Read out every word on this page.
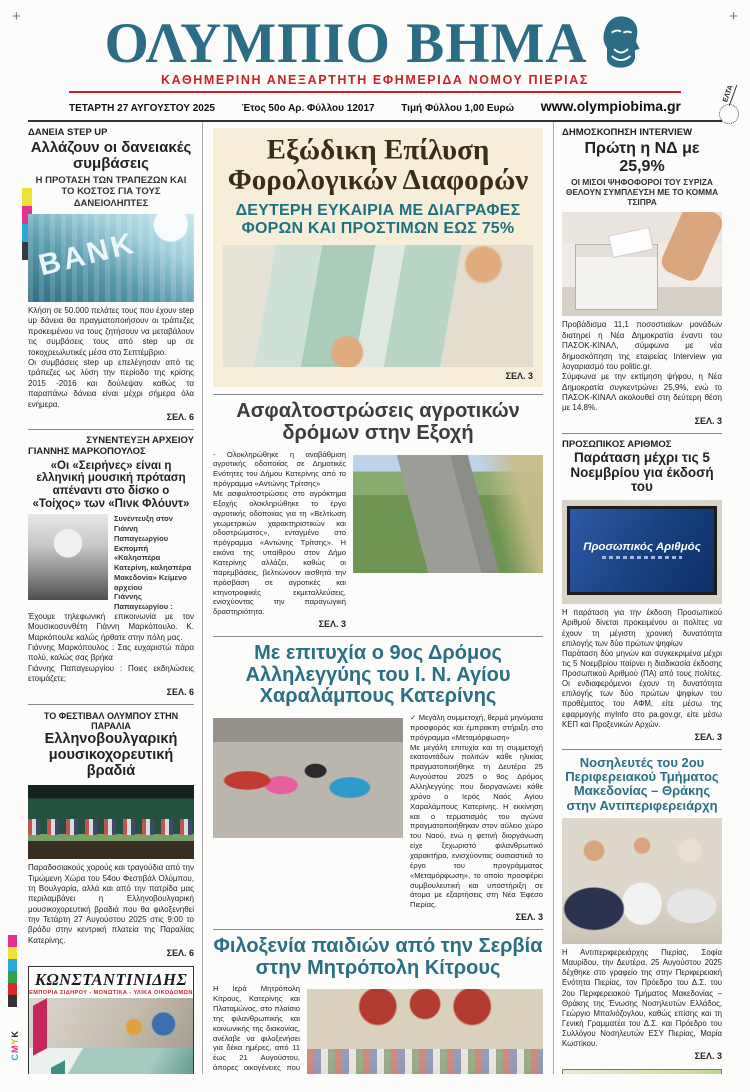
+	+
CMYK
ΟΛΥΜΠΙΟ ΒΗΜΑ
ΚΑΘΗΜΕΡΙΝΗ ΑΝΕΞΑΡΤΗΤΗ ΕΦΗΜΕΡΙΔΑ ΝΟΜΟΥ ΠΙΕΡΙΑΣ
ΤΕΤΑΡΤΗ 27 ΑΥΓΟΥΣΤΟΥ 2025	Έτος 50ο Αρ. Φύλλου 12017	Τιμή Φύλλου 1,00 Ευρώ www.olympiobima.gr
ΕΛΤΑ
ΔΑΝΕΙΑ STEP UP
Αλλάζουν οι δανειακές συμβάσεις
Η ΠΡΟΤΑΣΗ ΤΩΝ ΤΡΑΠΕΖΩΝ ΚΑΙ ΤΟ ΚΟΣΤΟΣ ΓΙΑ ΤΟΥΣ ΔΑΝΕΙΟΛΗΠΤΕΣ
BANK
Κλήση σε 50.000 πελάτες τους που έχουν step up δάνεια θα πραγματοποιήσουν οι τράπεζες προκειμένου να τους ζητήσουν να μεταβάλουν τις συμβάσεις τους από step up σε τοκοχρεωλυτικές μέσα στο Σεπτέμβριο.
Οι συμβάσεις step up επελέγησαν από τις τράπεζες ως λύση την περίοδο της κρίσης 2015 -2016 και δούλεψαν καθώς τα παραπάνω δάνεια είναι μέχρι σήμερα όλα ενήμερα.
ΣΕΛ. 6
ΣΥΝΕΝΤΕΥΞΗ ΑΡΧΕΙΟΥ
ΓΙΑΝΝΗΣ ΜΑΡΚΟΠΟΥΛΟΣ
«Οι «Σειρήνες» είναι η ελληνική μουσική πρόταση απέναντι στο δίσκο ο «Τοίχος» των «Πινκ Φλόυντ»
Συνέντευξη στον Γιάννη Παπαγεωργίου Εκπομπή «Καλησπέρα Κατερίνη, καλησπέρα Μακεδονία» Κείμενο αρχείου
Γιάννης Παπαγεωργίου :
Έχουμε τηλεφωνική επικοινωνία με τον Μουσικοσυνθέτη Γιάννη Μαρκόπουλο. Κ. Μαρκόπουλε καλώς ήρθατε στην πόλη μας.
Γιάννης Μαρκόπουλος : Σας ευχαριστώ πάρα πολύ, καλώς σας βρήκα
Γιάννης Παπαγεωργίου : Ποιες εκδηλώσεις ετοιμάζετε;
ΣΕΛ. 6
ΤΟ ΦΕΣΤΙΒΑΛ ΟΛΥΜΠΟΥ ΣΤΗΝ ΠΑΡΑΛΙΑ
Ελληνοβουλγαρική μουσικοχορευτική βραδιά
Παραδοσιακούς χορούς και τραγούδια από την Τιμώμενη Χώρα του 54ου Φεστιβάλ Ολύμπου, τη Βουλγαρία, αλλά και από την πατρίδα μας περιλαμβάνει η Ελληνοβουλγαρική μουσικοχορευτική βραδιά που θα φιλοξενηθεί την Τετάρτη 27 Αυγούστου 2025 στις 9:00 το βράδυ στην κεντρική πλατεία της Παραλίας Κατερίνης.
ΣΕΛ. 6
ΚΩΝΣΤΑΝΤΙΝΙΔΗΣ
ΕΜΠΟΡΙΑ ΣΙΔΗΡΟΥ - ΜΟΝΩΤΙΚΑ - ΥΛΙΚΑ ΟΙΚΟΔΟΜΩΝ
Εξώδικη Επίλυση Φορολογικών Διαφορών
ΔΕΥΤΕΡΗ ΕΥΚΑΙΡΙΑ ΜΕ ΔΙΑΓΡΑΦΕΣ ΦΟΡΩΝ ΚΑΙ ΠΡΟΣΤΙΜΩΝ ΕΩΣ 75%
ΣΕΛ. 3
Ασφαλτοστρώσεις αγροτικών δρόμων στην Εξοχή
- Ολοκληρώθηκε η αναβάθμιση αγροτικής οδοποιίας σε Δημοτικές Ενότητες του Δήμου Κατερίνης από το πρόγραμμα «Αντώνης Τρίτσης»
Με ασφαλτοστρώσεις στο αγρόκτημα Εξοχής ολοκληρώθηκε το έργο αγροτικής οδοποιίας για τη «Βελτίωση γεωμετρικών χαρακτηριστικών και οδοστρώματος», ενταγμένο στο πρόγραμμα «Αντώνης Τρίτσης». Η εικόνα της υπαίθρου στον Δήμο Κατερίνης αλλάζει, καθώς οι παρεμβάσεις, βελτιώνουν αισθητά την πρόσβαση σε αγροτικές και κτηνοτροφικές εκμεταλλεύσεις, ενισχύοντας την παραγωγική δραστηριότητα.
ΣΕΛ. 3
Με επιτυχία ο 9ος Δρόμος Αλληλεγγύης του Ι. Ν. Αγίου Χαραλάμπους Κατερίνης
✓ Μεγάλη συμμετοχή, θερμά μηνύματα προσφοράς και έμπρακτη στήριξη στο πρόγραμμα «Μεταμόρφωση»
Με μεγάλη επιτυχία και τη συμμετοχή εκατοντάδων πολιτών κάθε ηλικίας πραγματοποιήθηκε τη Δευτέρα 25 Αυγούστου 2025 ο 9ος Δρόμος Αλληλεγγύης που διοργανώνει κάθε χρόνο ο Ιερός Ναός Αγίου Χαραλάμπους Κατερίνης. Η εκκίνηση και ο τερματισμός του αγώνα πραγματοποιήθηκαν στον αύλειο χώρο του Ναού, ενώ η φετινή διοργάνωση είχε ξεχωριστό φιλανθρωπικό χαρακτήρα, ενισχύοντας ουσιαστικά το έργο του προγράμματος «Μεταμόρφωση», το οποίο προσφέρει συμβουλευτική και υποστήριξη σε άτομα με εξαρτήσεις στη Νέα Έφεσο Πιερίας.
ΣΕΛ. 3
Φιλοξενία παιδιών από την Σερβία στην Μητρόπολη Κίτρους
Η Ιερά Μητρόπολη Κίτρους, Κατερίνης και Πλαταμώνος, στο πλαίσιο της φιλανθρωπικής και κοινωνικής της διακονίας, ανέλαβε να φιλοξενήσει για δέκα ημέρες, από 11 έως 21 Αυγούστου, άπορες οικογένειες που
ΔΗΜΟΣΚΟΠΗΣΗ INTERVIEW
Πρώτη η ΝΔ με 25,9%
ΟΙ ΜΙΣΟΙ ΨΗΦΟΦΟΡΟΙ ΤΟΥ ΣΥΡΙΖΑ ΘΕΛΟΥΝ ΣΥΜΠΛΕΥΣΗ ΜΕ ΤΟ ΚΟΜΜΑ ΤΣΙΠΡΑ
Προβάδισμα 11,1 ποσοστιαίων μονάδων διατηρεί η Νέα Δημοκρατία έναντι του ΠΑΣΟΚ-ΚΙΝΑΛ, σύμφωνα με νέα δημοσκόπηση της εταιρείας Interview για λογαριασμό του politic.gr.
Σύμφωνα με την εκτίμηση ψήφου, η Νέα Δημοκρατία συγκεντρώνει 25,9%, ενώ το ΠΑΣΟΚ-ΚΙΝΑΛ ακολουθεί στη δεύτερη θέση με 14,8%.
ΣΕΛ. 3
ΠΡΟΣΩΠΙΚΟΣ ΑΡΙΘΜΟΣ
Παράταση μέχρι τις 5 Νοεμβρίου για έκδοσή του
Προσωπικός Αριθμός
Η παράταση για την έκδοση Προσωπικού Αριθμού δίνεται προκειμένου οι πολίτες να έχουν τη μέγιστη χρονική δυνατότητα επιλογής των δύο πρώτων ψηφίων
Παράταση δύο μηνών και συγκεκριμένα μέχρι τις 5 Νοεμβρίου παίρνει η διαδικασία έκδοσης Προσωπικού Αριθμού (ΠΑ) από τους πολίτες. Οι ενδιαφερόμενοι έχουν τη δυνατότητα επιλογής των δύο πρώτων ψηφίων του προθέματος του ΑΦΜ, είτε μέσω της εφαρμογής myInfo στο pa.gov.gr, είτε μέσω ΚΕΠ και Προξενικών Αρχών.
ΣΕΛ. 3
Νοσηλευτές του 2ου Περιφερειακού Τμήματος Μακεδονίας – Θράκης στην Αντιπεριφερειάρχη
Η Αντιπεριφερειάρχης Πιερίας, Σοφία Μαυρίδου, την Δευτέρα, 25 Αυγούστου 2025 δέχθηκε στο γραφείο της στην Περιφερειακή Ενότητα Πιερίας, τον Πρόεδρο του Δ.Σ. του 2ου Περιφερειακού Τμήματος Μακεδονίας – Θράκης της Ένωσης Νοσηλευτών Ελλάδος, Γεώργιο Μπαλιόζογλου, καθώς επίσης και τη Γενική Γραμματέα του Δ.Σ. και Πρόεδρο του Συλλόγου Νοσηλευτών ΕΣΥ Πιερίας, Μαρία Κωστίκου.
ΣΕΛ. 3
